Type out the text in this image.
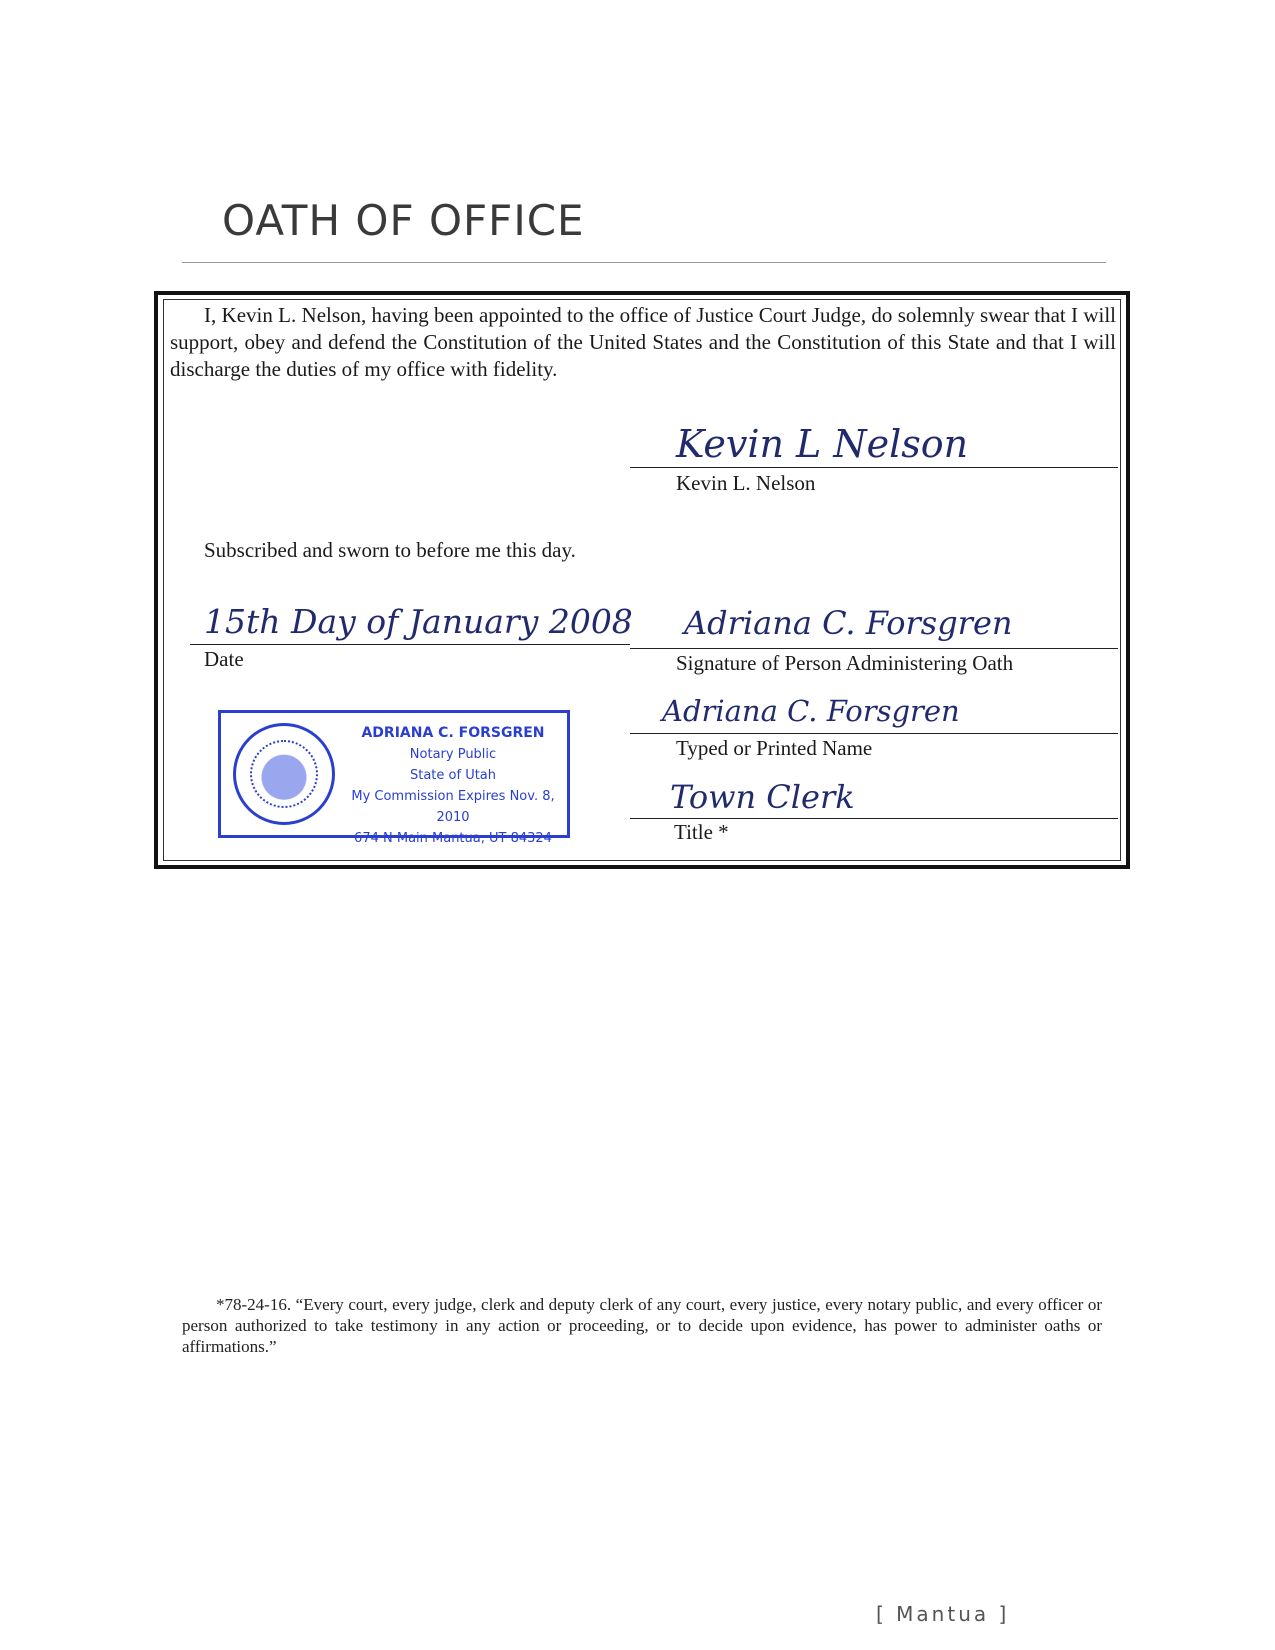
OATH OF OFFICE
I, Kevin L. Nelson, having been appointed to the office of Justice Court Judge, do solemnly swear that I will support, obey and defend the Constitution of the United States and the Constitution of this State and that I will discharge the duties of my office with fidelity.
Kevin L Nelson
Kevin L. Nelson
Subscribed and sworn to before me this day.
15th Day of January 2008
Date
Adriana C. Forsgren
Signature of Person Administering Oath
Adriana C. Forsgren
Typed or Printed Name
Town Clerk
Title *
ADRIANA C. FORSGREN
Notary Public
State of Utah
My Commission Expires Nov. 8, 2010
674 N Main Mantua, UT 84324
*78-24-16. “Every court, every judge, clerk and deputy clerk of any court, every justice, every notary public, and every officer or person authorized to take testimony in any action or proceeding, or to decide upon evidence, has power to administer oaths or affirmations.”
[ Mantua ]
